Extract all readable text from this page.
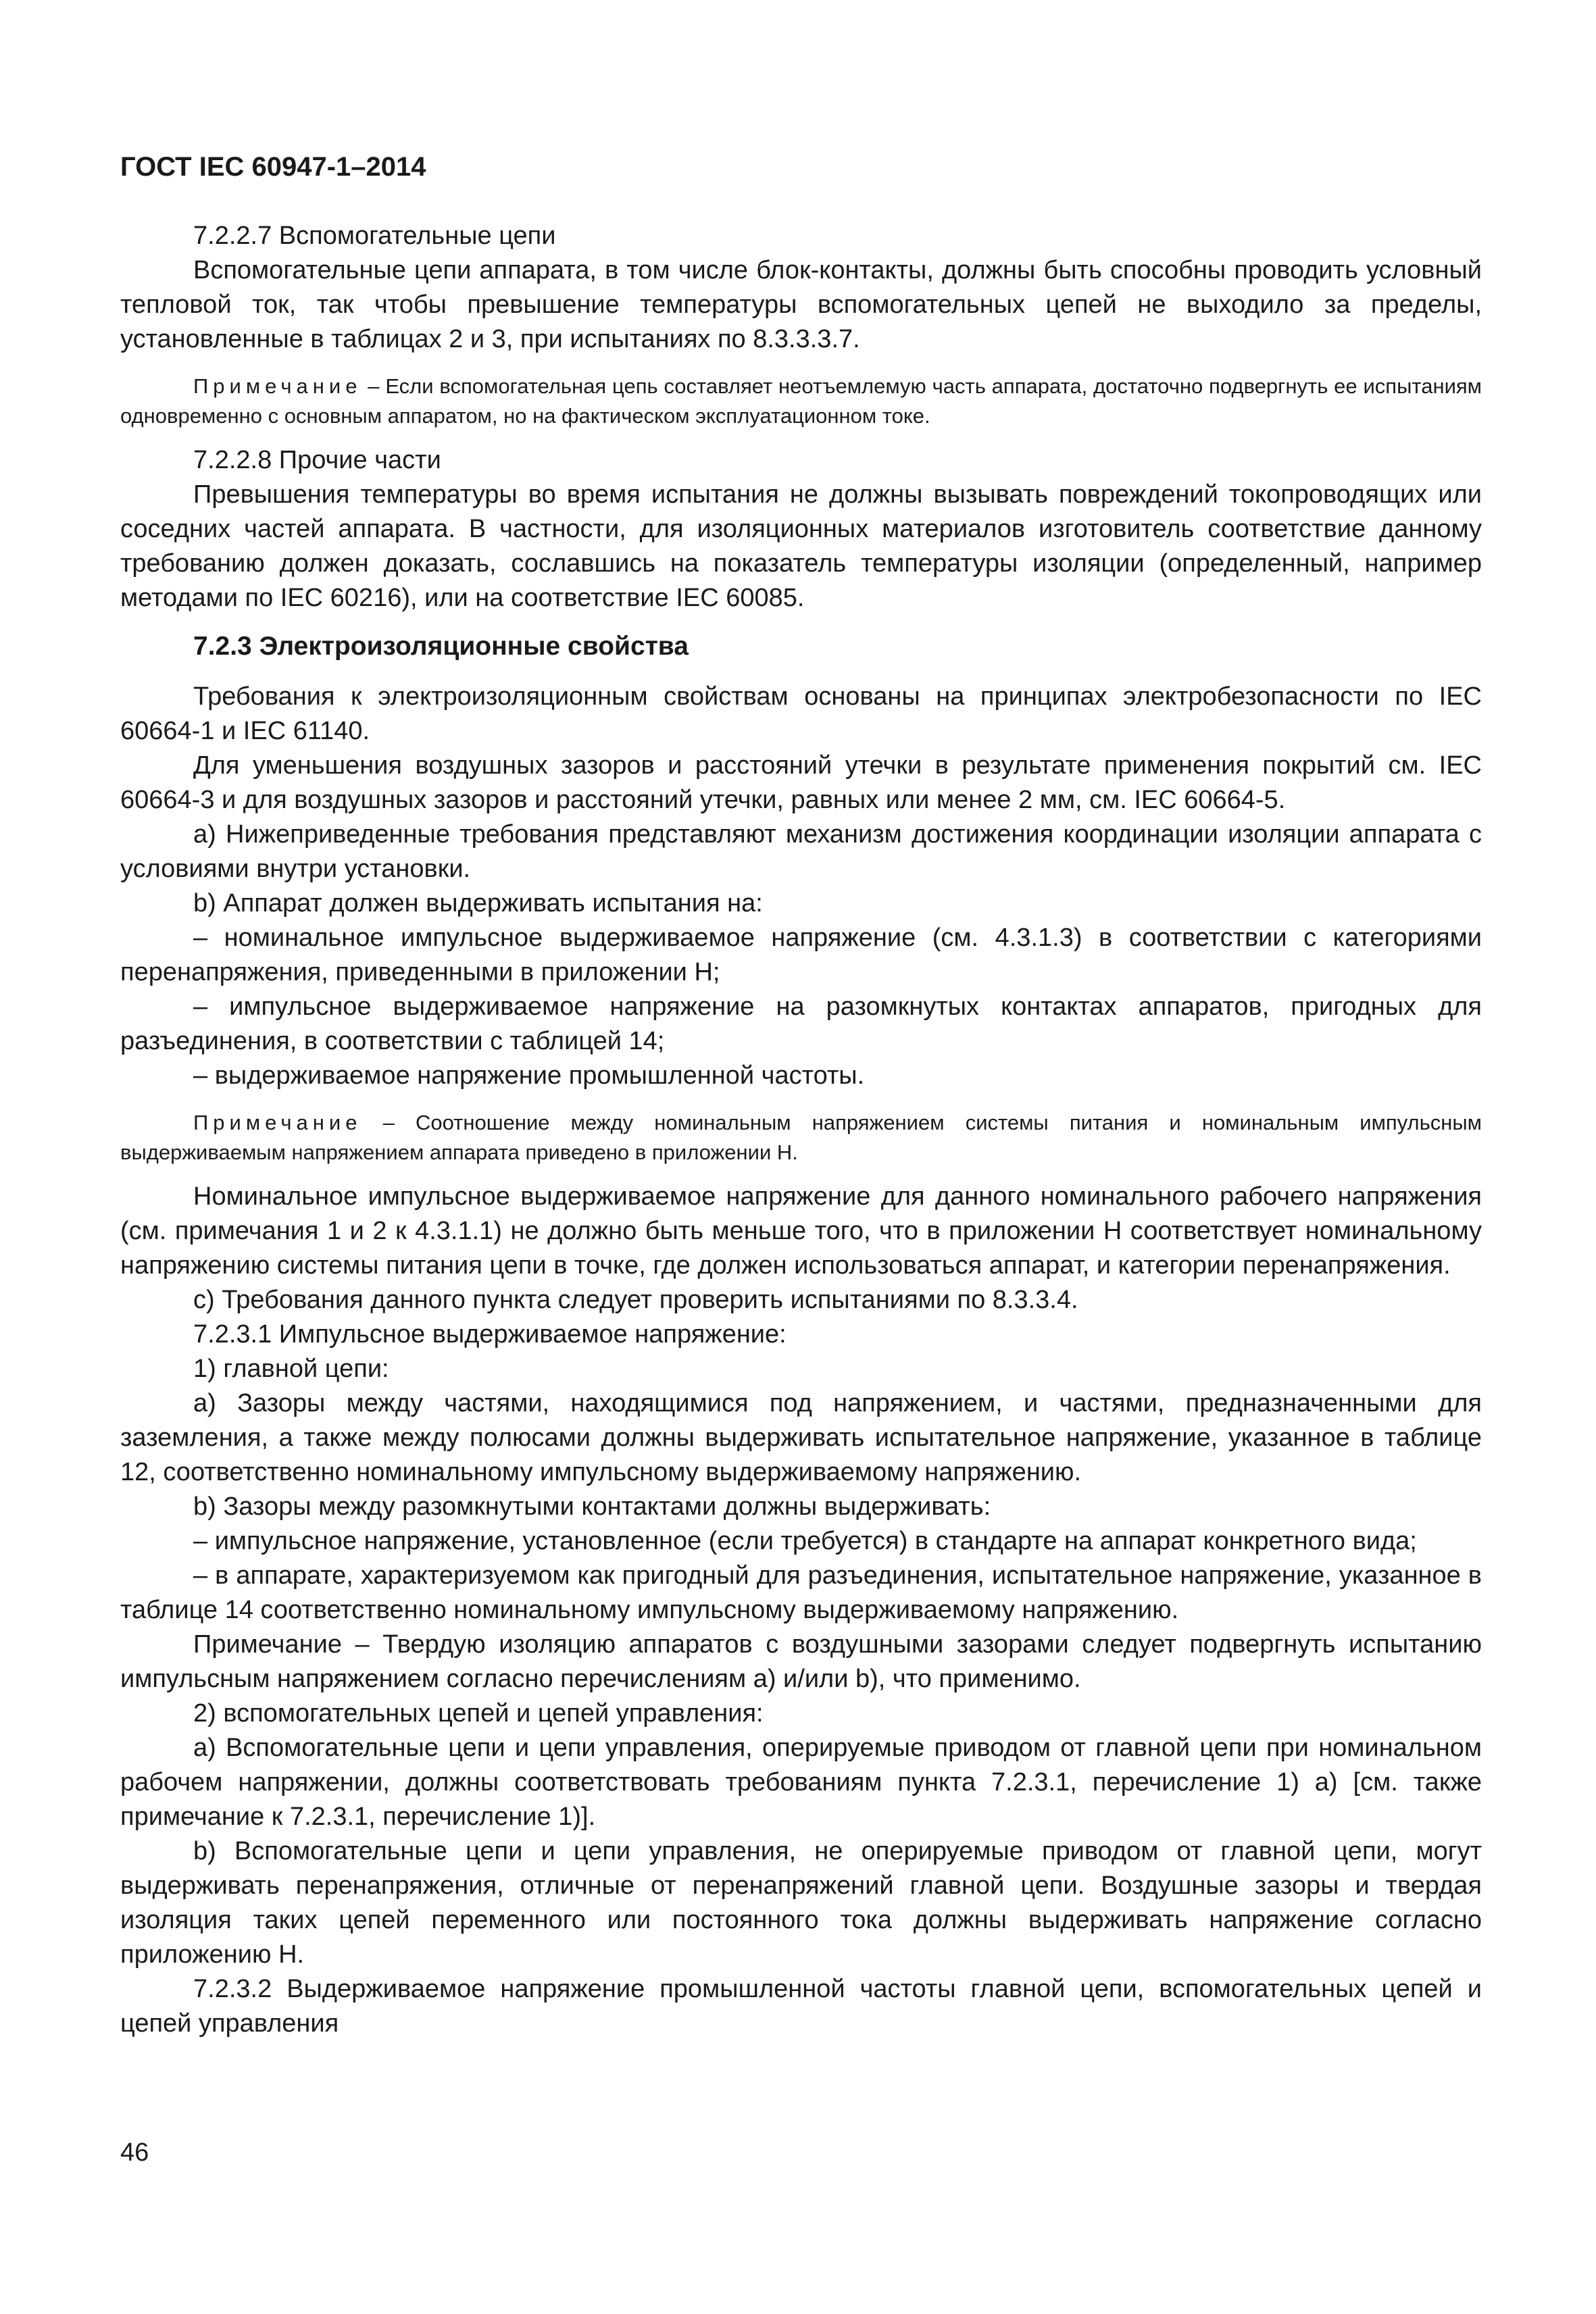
ГОСТ IEC 60947-1–2014

7.2.2.7 Вспомогательные цепи

Вспомогательные цепи аппарата, в том числе блок-контакты, должны быть способны проводить условный тепловой ток, так чтобы превышение температуры вспомогательных цепей не выходило за пределы, установленные в таблицах 2 и 3, при испытаниях по 8.3.3.3.7.

Примечание – Если вспомогательная цепь составляет неотъемлемую часть аппарата, достаточно подвергнуть ее испытаниям одновременно с основным аппаратом, но на фактическом эксплуатационном токе.

7.2.2.8 Прочие части

Превышения температуры во время испытания не должны вызывать повреждений токопроводящих или соседних частей аппарата. В частности, для изоляционных материалов изготовитель соответствие данному требованию должен доказать, сославшись на показатель температуры изоляции (определенный, например методами по IEC 60216), или на соответствие IEC 60085.

7.2.3 Электроизоляционные свойства

Требования к электроизоляционным свойствам основаны на принципах электробезопасности по IEC 60664-1 и IEC 61140.

Для уменьшения воздушных зазоров и расстояний утечки в результате применения покрытий см. IEC 60664-3 и для воздушных зазоров и расстояний утечки, равных или менее 2 мм, см. IEC 60664-5.

a) Нижеприведенные требования представляют механизм достижения координации изоляции аппарата с условиями внутри установки.

b) Аппарат должен выдерживать испытания на:

– номинальное импульсное выдерживаемое напряжение (см. 4.3.1.3) в соответствии с категориями перенапряжения, приведенными в приложении Н;

– импульсное выдерживаемое напряжение на разомкнутых контактах аппаратов, пригодных для разъединения, в соответствии с таблицей 14;

– выдерживаемое напряжение промышленной частоты.

Примечание – Соотношение между номинальным напряжением системы питания и номинальным импульсным выдерживаемым напряжением аппарата приведено в приложении Н.

Номинальное импульсное выдерживаемое напряжение для данного номинального рабочего напряжения (см. примечания 1 и 2 к 4.3.1.1) не должно быть меньше того, что в приложении Н соответствует номинальному напряжению системы питания цепи в точке, где должен использоваться аппарат, и категории перенапряжения.

c) Требования данного пункта следует проверить испытаниями по 8.3.3.4.

7.2.3.1 Импульсное выдерживаемое напряжение:

1) главной цепи:

a) Зазоры между частями, находящимися под напряжением, и частями, предназначенными для заземления, а также между полюсами должны выдерживать испытательное напряжение, указанное в таблице 12, соответственно номинальному импульсному выдерживаемому напряжению.

b) Зазоры между разомкнутыми контактами должны выдерживать:

– импульсное напряжение, установленное (если требуется) в стандарте на аппарат конкретного вида;

– в аппарате, характеризуемом как пригодный для разъединения, испытательное напряжение, указанное в таблице 14 соответственно номинальному импульсному выдерживаемому напряжению.

Примечание – Твердую изоляцию аппаратов с воздушными зазорами следует подвергнуть испытанию импульсным напряжением согласно перечислениям а) и/или b), что применимо.

2) вспомогательных цепей и цепей управления:

a) Вспомогательные цепи и цепи управления, оперируемые приводом от главной цепи при номинальном рабочем напряжении, должны соответствовать требованиям пункта 7.2.3.1, перечисление 1) a) [см. также примечание к 7.2.3.1, перечисление 1)].

b) Вспомогательные цепи и цепи управления, не оперируемые приводом от главной цепи, могут выдерживать перенапряжения, отличные от перенапряжений главной цепи. Воздушные зазоры и твердая изоляция таких цепей переменного или постоянного тока должны выдерживать напряжение согласно приложению Н.

7.2.3.2 Выдерживаемое напряжение промышленной частоты главной цепи, вспомогательных цепей и цепей управления

46
